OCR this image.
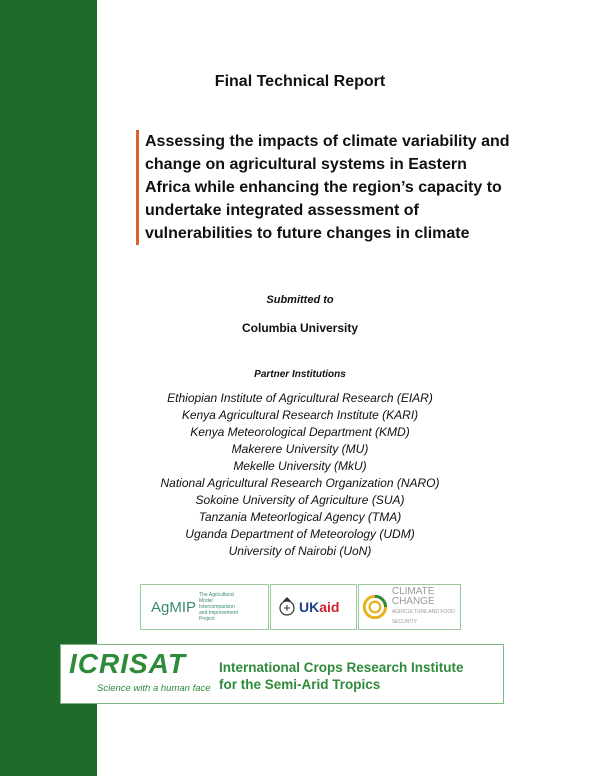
Final Technical Report
Assessing the impacts of climate variability and
change on agricultural systems in Eastern
Africa while enhancing the region’s capacity to
undertake integrated assessment of
vulnerabilities to future changes in climate
Submitted to
Columbia University
Partner Institutions
Ethiopian Institute of Agricultural Research (EIAR)
Kenya Agricultural Research Institute (KARI)
Kenya Meteorological Department (KMD)
Makerere University (MU)
Mekelle University (MkU)
National Agricultural Research Organization (NARO)
Sokoine University of Agriculture (SUA)
Tanzania Meteorlogical Agency (TMA)
Uganda Department of Meteorology (UDM)
University of Nairobi (UoN)
AgMIP
The Agricultural Model Intercomparison and Improvement Project
UKaid
CLIMATE
CHANGE
AGRICULTURE AND FOOD SECURITY
ICRISAT
Science with a human face
International Crops Research Institute
for the Semi-Arid Tropics
